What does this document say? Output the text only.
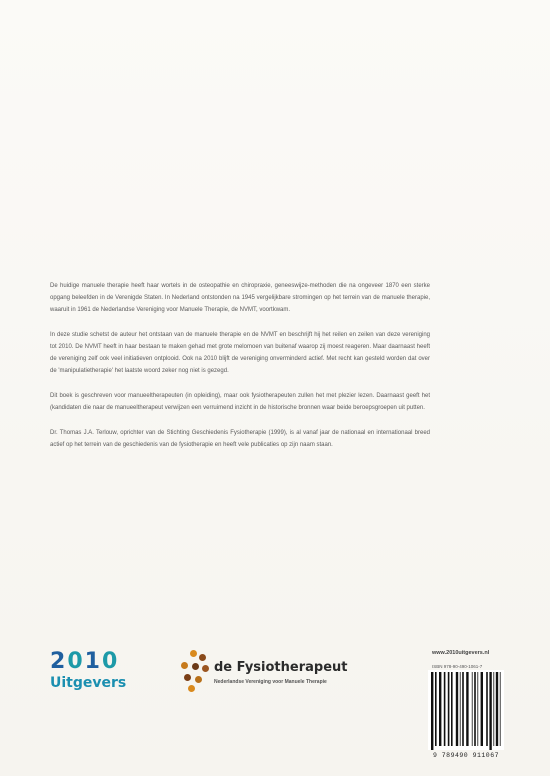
De huidige manuele therapie heeft haar wortels in de osteopathie en chiropraxie, geneeswijze-methoden die na ongeveer 1870 een sterke opgang beleefden in de Verenigde Staten. In Nederland ontstonden na 1945 vergelijkbare stromingen op het terrein van de manuele therapie, waaruit in 1961 de Nederlandse Vereniging voor Manuele Therapie, de NVMT, voortkwam.

In deze studie schetst de auteur het ontstaan van de manuele therapie en de NVMT en beschrijft hij het reilen en zeilen van deze vereniging tot 2010. De NVMT heeft in haar bestaan te maken gehad met grote melomoen van buitenaf waarop zij moest reageren. Maar daarnaast heeft de vereniging zelf ook veel initiatieven ontplooid. Ook na 2010 blijft de vereniging onverminderd actief. Met recht kan gesteld worden dat over de 'manipulatietherapie' het laatste woord zeker nog niet is gezegd.

Dit boek is geschreven voor manueeltherapeuten (in opleiding), maar ook fysiotherapeuten zullen het met plezier lezen. Daarnaast geeft het (kandidaten die naar de manueeltherapeut verwijzen een verruimend inzicht in de historische bronnen waar beide beroepsgroepen uit putten.

Dr. Thomas J.A. Terlouw, oprichter van de Stichting Geschiedenis Fysiotherapie (1999), is al vanaf jaar de nationaal en internationaal breed actief op het terrein van de geschiedenis van de fysiotherapie en heeft vele publicaties op zijn naam staan.

2010
Uitgevers
de Fysiotherapeut
Nederlandse Vereniging voor Manuele Therapie
www.2010uitgevers.nl
ISBN 978-90-490-1061-7
9 789490 911067
